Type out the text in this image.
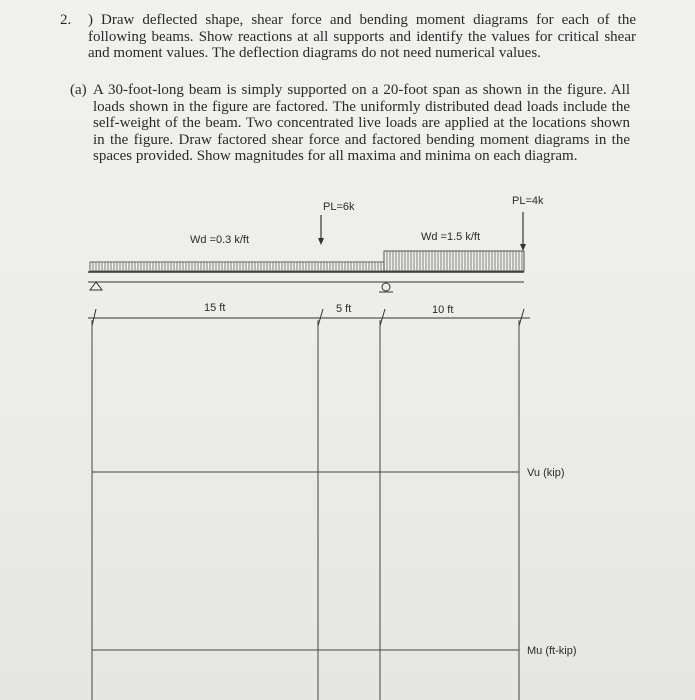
2. ) Draw deflected shape, shear force and bending moment diagrams for each of the following beams. Show reactions at all supports and identify the values for critical shear and moment values. The deflection diagrams do not need numerical values.
(a) A 30-foot-long beam is simply supported on a 20-foot span as shown in the figure. All loads shown in the figure are factored. The uniformly distributed dead loads include the self-weight of the beam. Two concentrated live loads are applied at the locations shown in the figure. Draw factored shear force and factored bending moment diagrams in the spaces provided. Show magnitudes for all maxima and minima on each diagram.
Wd =0.3 k/ft	Wd =1.5 k/ft
PL=6k	PL=4k
15 ft	5 ft	10 ft
Vu (kip)
Mu (ft-kip)
